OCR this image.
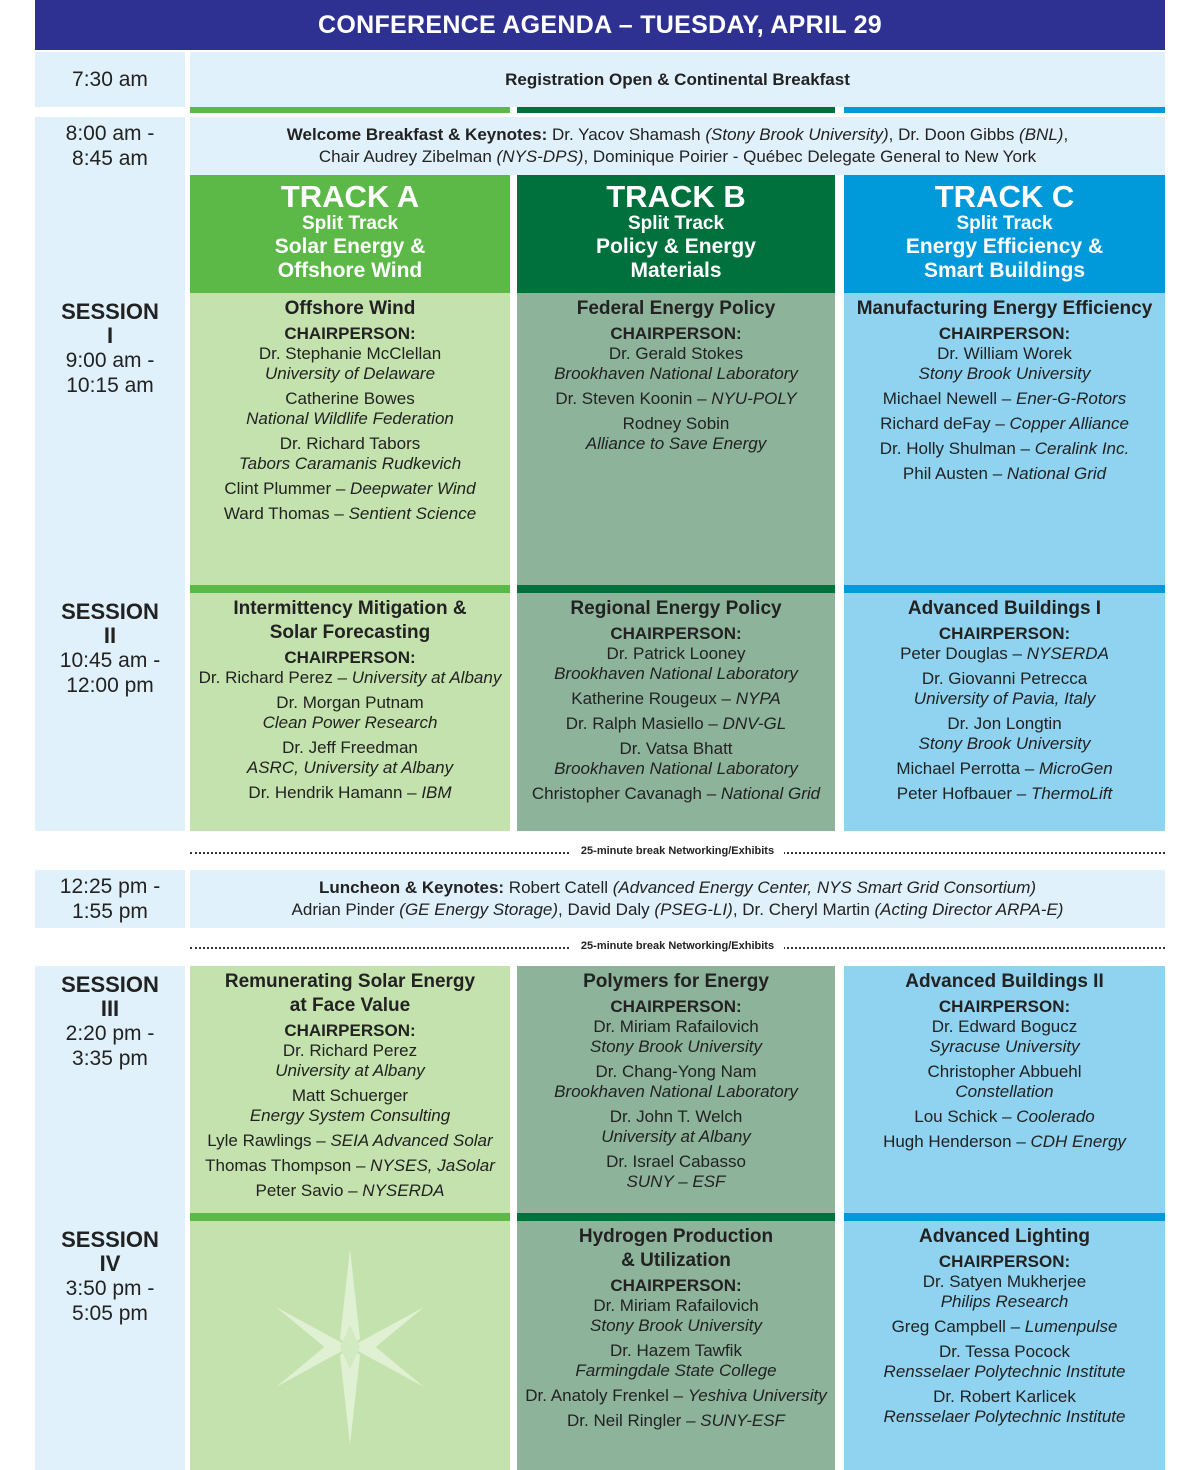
CONFERENCE AGENDA – TUESDAY, APRIL 29
7:30 am	Registration Open & Continental Breakfast
8:00 am -
8:45 am
Welcome Breakfast & Keynotes: Dr. Yacov Shamash (Stony Brook University), Dr. Doon Gibbs (BNL),
Chair Audrey Zibelman (NYS-DPS), Dominique Poirier - Québec Delegate General to New York
TRACK A
Split Track
Solar Energy &
Offshore Wind
TRACK B
Split Track
Policy & Energy
Materials
TRACK C
Split Track
Energy Efficiency &
Smart Buildings
SESSION
I
9:00 am -
10:15 am
Offshore Wind
CHAIRPERSON:
Dr. Stephanie McClellan
University of Delaware
Catherine Bowes
National Wildlife Federation
Dr. Richard Tabors
Tabors Caramanis Rudkevich
Clint Plummer – Deepwater Wind
Ward Thomas – Sentient Science
Federal Energy Policy
CHAIRPERSON:
Dr. Gerald Stokes
Brookhaven National Laboratory
Dr. Steven Koonin – NYU-POLY
Rodney Sobin
Alliance to Save Energy
Manufacturing Energy Efficiency
CHAIRPERSON:
Dr. William Worek
Stony Brook University
Michael Newell – Ener-G-Rotors
Richard deFay – Copper Alliance
Dr. Holly Shulman – Ceralink Inc.
Phil Austen – National Grid
SESSION
II
10:45 am -
12:00 pm
Intermittency Mitigation &
Solar Forecasting
CHAIRPERSON:
Dr. Richard Perez – University at Albany
Dr. Morgan Putnam
Clean Power Research
Dr. Jeff Freedman
ASRC, University at Albany
Dr. Hendrik Hamann – IBM
Regional Energy Policy
CHAIRPERSON:
Dr. Patrick Looney
Brookhaven National Laboratory
Katherine Rougeux – NYPA
Dr. Ralph Masiello – DNV-GL
Dr. Vatsa Bhatt
Brookhaven National Laboratory
Christopher Cavanagh – National Grid
Advanced Buildings I
CHAIRPERSON:
Peter Douglas – NYSERDA
Dr. Giovanni Petrecca
University of Pavia, Italy
Dr. Jon Longtin
Stony Brook University
Michael Perrotta – MicroGen
Peter Hofbauer – ThermoLift
25-minute break Networking/Exhibits
12:25 pm -
1:55 pm
Luncheon & Keynotes: Robert Catell (Advanced Energy Center, NYS Smart Grid Consortium)
Adrian Pinder (GE Energy Storage), David Daly (PSEG-LI), Dr. Cheryl Martin (Acting Director ARPA-E)
25-minute break Networking/Exhibits
SESSION
III
2:20 pm -
3:35 pm
Remunerating Solar Energy
at Face Value
CHAIRPERSON:
Dr. Richard Perez
University at Albany
Matt Schuerger
Energy System Consulting
Lyle Rawlings – SEIA Advanced Solar
Thomas Thompson – NYSES, JaSolar
Peter Savio – NYSERDA
Polymers for Energy
CHAIRPERSON:
Dr. Miriam Rafailovich
Stony Brook University
Dr. Chang-Yong Nam
Brookhaven National Laboratory
Dr. John T. Welch
University at Albany
Dr. Israel Cabasso
SUNY – ESF
Advanced Buildings II
CHAIRPERSON:
Dr. Edward Bogucz
Syracuse University
Christopher Abbuehl
Constellation
Lou Schick – Coolerado
Hugh Henderson – CDH Energy
SESSION
IV
3:50 pm -
5:05 pm
Hydrogen Production
& Utilization
CHAIRPERSON:
Dr. Miriam Rafailovich
Stony Brook University
Dr. Hazem Tawfik
Farmingdale State College
Dr. Anatoly Frenkel – Yeshiva University
Dr. Neil Ringler – SUNY-ESF
Advanced Lighting
CHAIRPERSON:
Dr. Satyen Mukherjee
Philips Research
Greg Campbell – Lumenpulse
Dr. Tessa Pocock
Rensselaer Polytechnic Institute
Dr. Robert Karlicek
Rensselaer Polytechnic Institute
